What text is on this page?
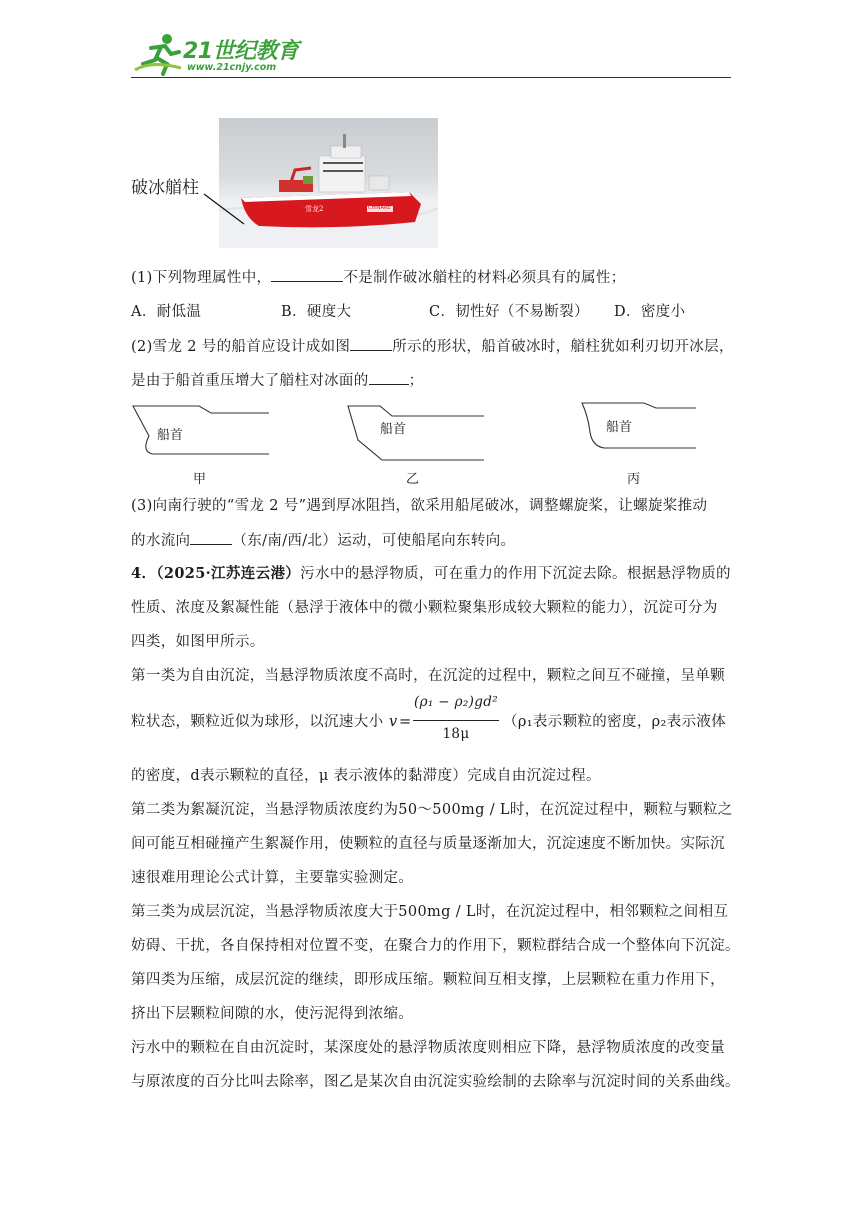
21世纪教育
www.21cnjy.com
雪龙2	CHINARE
破冰艏柱
(1)下列物理属性中，	不是制作破冰艏柱的材料必须具有的属性；
A．耐低温	B．硬度大	C．韧性好（不易断裂） D．密度小
(2)雪龙 2 号的船首应设计成如图	所示的形状，船首破冰时，艏柱犹如利刃切开冰层，
是由于船首重压增大了艏柱对冰面的	；
船首
甲
船首
乙
船首
丙
(3)向南行驶的“雪龙 2 号”遇到厚冰阻挡，欲采用船尾破冰，调整螺旋桨，让螺旋桨推动
的水流向	（东/南/西/北）运动，可使船尾向东转向。
4．（2025·江苏连云港）污水中的悬浮物质，可在重力的作用下沉淀去除。根据悬浮物质的
性质、浓度及絮凝性能（悬浮于液体中的微小颗粒聚集形成较大颗粒的能力），沉淀可分为
四类，如图甲所示。
第一类为自由沉淀，当悬浮物质浓度不高时，在沉淀的过程中，颗粒之间互不碰撞，呈单颗
粒状态，颗粒近似为球形，以沉速大小 v =
(ρ₁ − ρ₂)gd²
18μ
（ρ₁表示颗粒的密度，ρ₂表示液体
的密度，d表示颗粒的直径，μ 表示液体的黏滞度）完成自由沉淀过程。
第二类为絮凝沉淀，当悬浮物质浓度约为50～500mg / L时，在沉淀过程中，颗粒与颗粒之
间可能互相碰撞产生絮凝作用，使颗粒的直径与质量逐渐加大，沉淀速度不断加快。实际沉
速很难用理论公式计算，主要靠实验测定。
第三类为成层沉淀，当悬浮物质浓度大于500mg / L时，在沉淀过程中，相邻颗粒之间相互
妨碍、干扰，各自保持相对位置不变，在聚合力的作用下，颗粒群结合成一个整体向下沉淀。
第四类为压缩，成层沉淀的继续，即形成压缩。颗粒间互相支撑，上层颗粒在重力作用下，
挤出下层颗粒间隙的水，使污泥得到浓缩。
污水中的颗粒在自由沉淀时，某深度处的悬浮物质浓度则相应下降，悬浮物质浓度的改变量
与原浓度的百分比叫去除率，图乙是某次自由沉淀实验绘制的去除率与沉淀时间的关系曲线。
